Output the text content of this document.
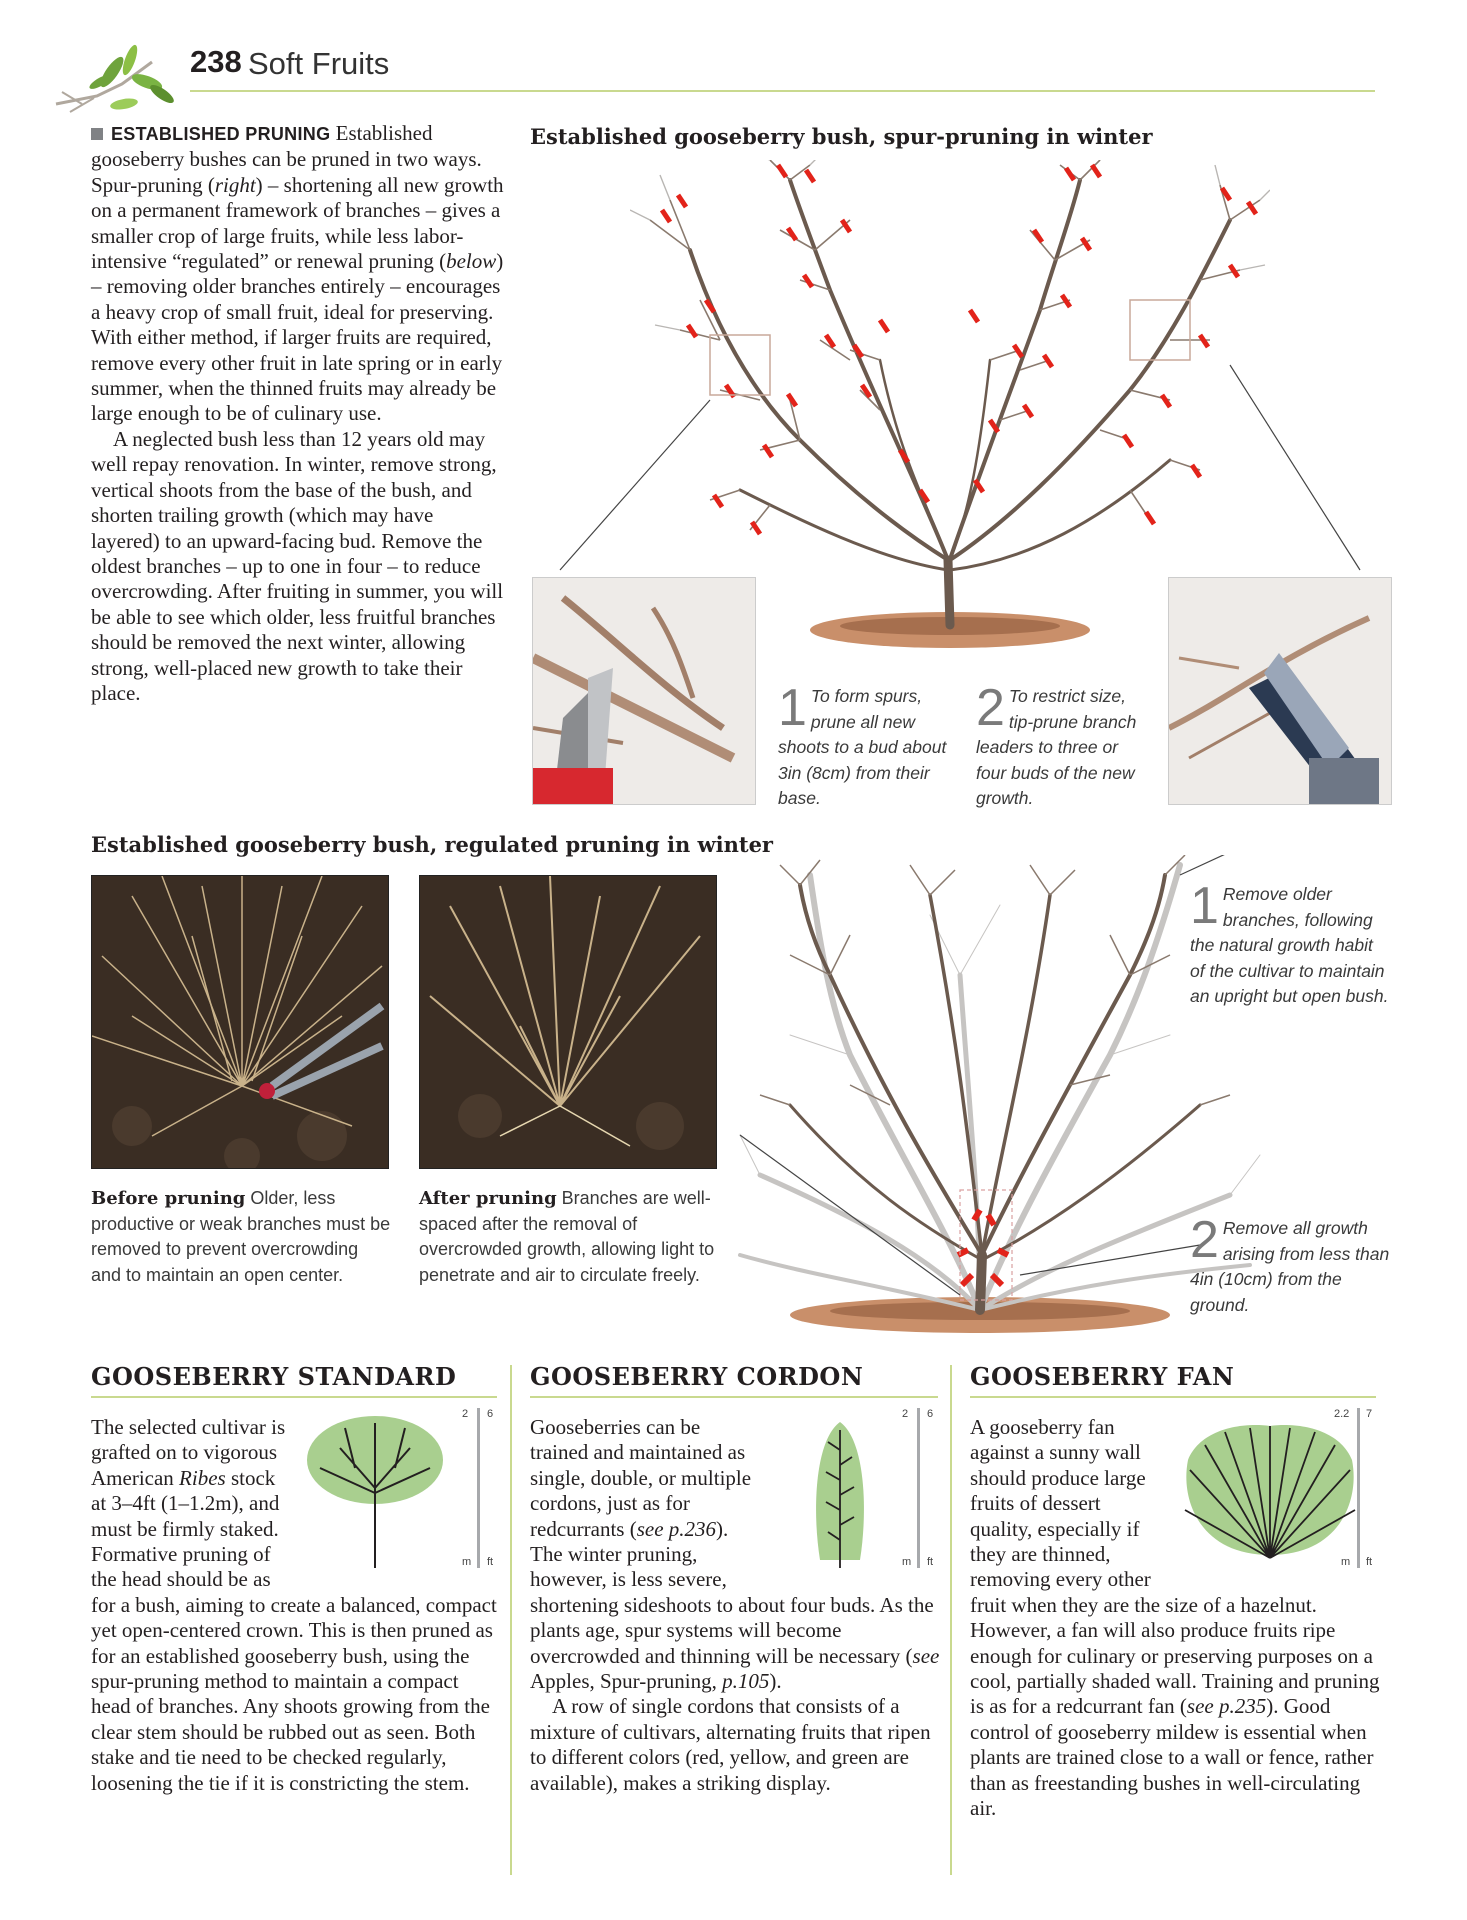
238 Soft Fruits

ESTABLISHED PRUNING Established gooseberry bushes can be pruned in two ways. Spur-pruning (right) – shortening all new growth on a permanent framework of branches – gives a smaller crop of large fruits, while less labor-intensive “regulated” or renewal pruning (below) – removing older branches entirely – encourages a heavy crop of small fruit, ideal for preserving. With either method, if larger fruits are required, remove every other fruit in late spring or in early summer, when the thinned fruits may already be large enough to be of culinary use.

A neglected bush less than 12 years old may well repay renovation. In winter, remove strong, vertical shoots from the base of the bush, and shorten trailing growth (which may have layered) to an upward-facing bud. Remove the oldest branches – up to one in four – to reduce overcrowding. After fruiting in summer, you will be able to see which older, less fruitful branches should be removed the next winter, allowing strong, well-placed new growth to take their place.

Established gooseberry bush, spur-pruning in winter
1 To form spurs, prune all new shoots to a bud about 3in (8cm) from their base.
2 To restrict size, tip-prune branch leaders to three or four buds of the new growth.
Established gooseberry bush, regulated pruning in winter
Before pruning Older, less productive or weak branches must be removed to prevent overcrowding and to maintain an open center.
After pruning Branches are well-spaced after the removal of overcrowded growth, allowing light to penetrate and air to circulate freely.
1 Remove older branches, following the natural growth habit of the cultivar to maintain an upright but open bush.
2 Remove all growth arising from less than 4in (10cm) from the ground.
GOOSEBERRY STANDARD
6
2
m ft
The selected cultivar is grafted on to vigorous American Ribes stock at 3–4ft (1–1.2m), and must be firmly staked. Formative pruning of the head should be as for a bush, aiming to create a balanced, compact yet open-centered crown. This is then pruned as for an established gooseberry bush, using the spur-pruning method to maintain a compact head of branches. Any shoots growing from the clear stem should be rubbed out as seen. Both stake and tie need to be checked regularly, loosening the tie if it is constricting the stem.
GOOSEBERRY CORDON
2 6
m ft

Gooseberries can be trained and maintained as single, double, or multiple cordons, just as for redcurrants (see p.236). The winter pruning, however, is less severe, shortening sideshoots to about four buds. As the plants age, spur systems will become overcrowded and thinning will be necessary (see Apples, Spur-pruning, p.105).

A row of single cordons that consists of a mixture of cultivars, alternating fruits that ripen to different colors (red, yellow, and green are available), makes a striking display.

GOOSEBERRY FAN
2.2 7
m ft
A gooseberry fan against a sunny wall should produce large fruits of dessert quality, especially if they are thinned, removing every other fruit when they are the size of a hazelnut. However, a fan will also produce fruits ripe enough for culinary or preserving purposes on a cool, partially shaded wall. Training and pruning is as for a redcurrant fan (see p.235). Good control of gooseberry mildew is essential when plants are trained close to a wall or fence, rather than as freestanding bushes in well-circulating air.
